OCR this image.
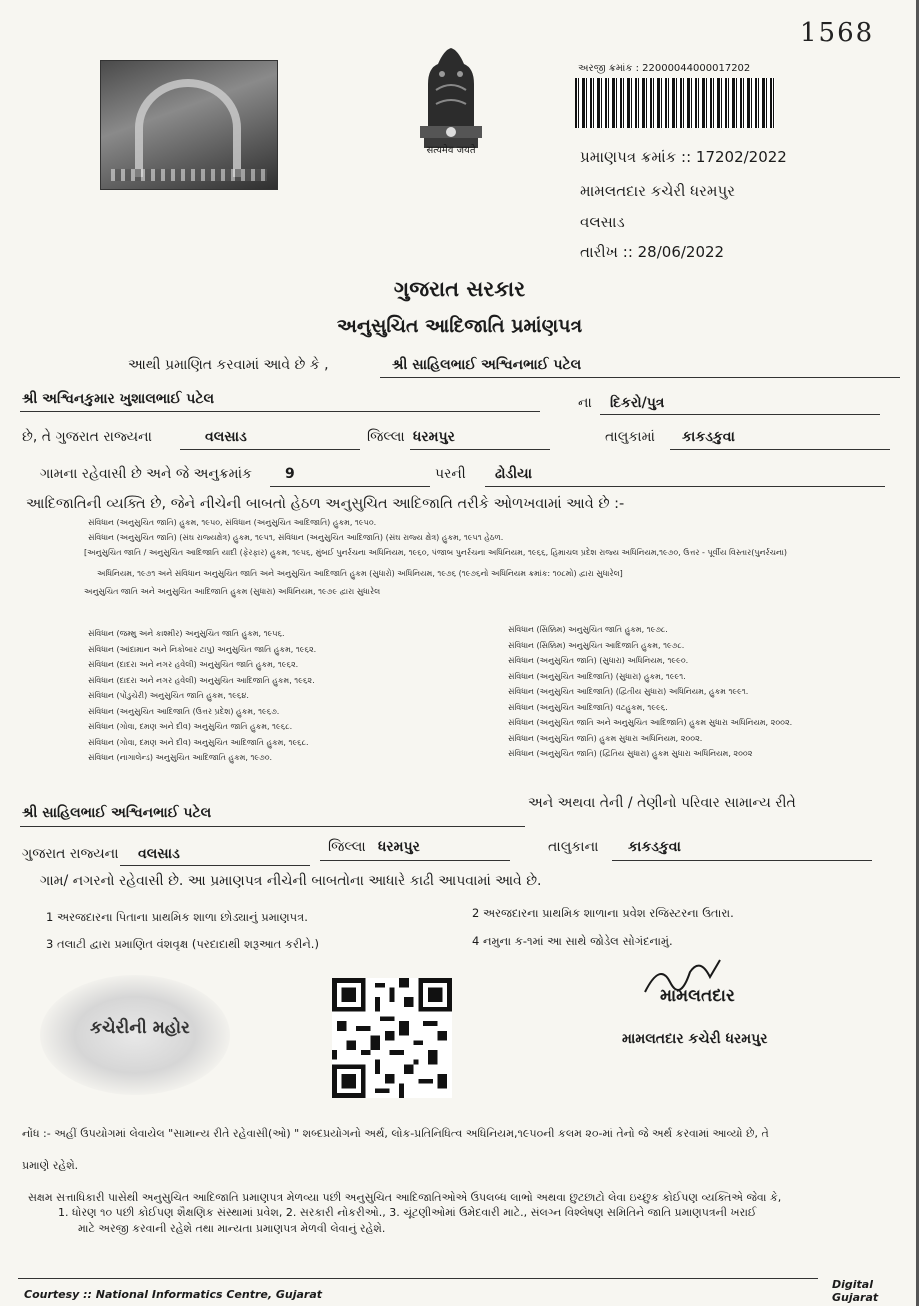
1568
सत्यमेव जयते
અરજી ક્રમાંક : 22000044000017202
પ્રમાણપત્ર ક્રમાંક :: 17202/2022
મામલતદાર કચેરી ધરમપુર
વલસાડ
તારીખ :: 28/06/2022
ગુજરાત સરકાર
અનુસુચિત આદિજાતિ પ્રમાંણપત્ર
આથી પ્રમાણિત કરવામાં આવે છે કે ,	શ્રી સાહિલભાઈ અશ્વિનભાઈ પટેલ
શ્રી અશ્વિનકુમાર ખુશાલભાઈ પટેલ	ના દિકરો/પુત્ર
છે, તે ગુજરાત રાજ્યના	વલસાડ	જિલ્લા ધરમપુર	તાલુકામાં કાકડકુવા
ગામના રહેવાસી છે અને જે અનુક્રમાંક 9	પરની ઢોડીયા
આદિજાતિની વ્યક્તિ છે, જેને નીચેની બાબતો હેઠળ અનુસુચિત આદિજાતિ તરીકે ઓળખવામાં આવે છે :-
સંવિધાન (અનુસુચિત જાતિ) હુકમ, ૧૯૫૦, સંવિધાન (અનુસુચિત આદિજાતિ) હુકમ, ૧૯૫૦.
સંવિધાન (અનુસુચિત જાતિ) (સંઘ રાજ્યક્ષેત્ર) હુકમ, ૧૯૫૧, સંવિધાન (અનુસુચિત આદિજાતિ) (સંઘ રાજ્ય ક્ષેત્ર) હુકમ, ૧૯૫૧ હેઠળ.
[અનુસુચિત જાતિ / અનુસુચિત આદિજાતિ યાદી (ફેરફાર) હુકમ, ૧૯૫૬, મુંબઈ પુનર્રચના અધિનિયમ, ૧૯૬૦, પંજાબ પુનર્રચના અધિનિયમ, ૧૯૬૬, હિમાચલ પ્રદેશ રાજ્ય અધિનિયમ,૧૯૭૦, ઉત્તર - પૂર્વીય વિસ્તાર(પુનર્રચના)
અધિનિયમ, ૧૯૭૧ અને સંવિધાન અનુસુચિત જાતિ અને અનુસુચિત આદિજાતિ હુકમ (સુધારો) અધિનિયમ, ૧૯૭૬ (૧૯૭૬નો અધિનિયમ ક્રમાંક: ૧૦૮મો) દ્વારા સુધારેલ]
અનુસુચિત જાતિ અને અનુસુચિત આદિજાતિ હુકમ (સુધારા) અધિનિયમ, ૧૯૭૯ દ્વારા સુધારેલ
સંવિધાન (જમ્મુ અને કાશ્મીર) અનુસુચિત જાતિ હુકમ, ૧૯૫૬.
સંવિધાન (આંદામાન અને નિકોબાર ટાપુ) અનુસુચિત જાતિ હુકમ, ૧૯૬૨.
સંવિધાન (દાદરા અને નગર હવેલી) અનુસુચિત જાતિ હુકમ, ૧૯૬૨.
સંવિધાન (દાદરા અને નગર હવેલી) અનુસુચિત આદિજાતિ હુકમ, ૧૯૬૨.
સંવિધાન (પોંડુચેરી) અનુસુચિત જાતિ હુકમ, ૧૯૬૪.
સંવિધાન (અનુસુચિત આદિજાતિ (ઉત્તર પ્રદેશ) હુકમ, ૧૯૬૭.
સંવિધાન (ગોવા, દમણ અને દીવ) અનુસુચિત જાતિ હુકમ, ૧૯૬૮.
સંવિધાન (ગોવા, દમણ અને દીવ) અનુસુચિત આદિજાતિ હુકમ, ૧૯૬૮.
સંવિધાન (નાગાલેન્ડ) અનુસુચિત આદિજાતિ હુકમ, ૧૯૭૦.
સંવિધાન (સિક્કિમ) અનુસુચિત જાતિ હુકમ, ૧૯૭૮.
સંવિધાન (સિક્કિમ) અનુસુચિત આદિજાતિ હુકમ, ૧૯૭૮.
સંવિધાન (અનુસુચિત જાતિ) (સુધારા) અધિનિયમ, ૧૯૯૦.
સંવિધાન (અનુસુચિત આદિજાતિ) (સુધારા) હુકમ, ૧૯૯૧.
સંવિધાન (અનુસુચિત આદિજાતિ) (દ્વિતીય સુધારા) અધિનિયમ, હુકમ ૧૯૯૧.
સંવિધાન (અનુસુચિત આદિજાતિ) વટહુકમ, ૧૯૯૬.
સંવિધાન (અનુસુચિત જાતિ અને અનુસુચિત આદિજાતિ) હુકમ સુધારા અધિનિયમ, ૨૦૦૨.
સંવિધાન (અનુસુચિત જાતિ) હુકમ સુધારા અધિનિયમ, ૨૦૦૨.
સંવિધાન (અનુસુચિત જાતિ) (દ્વિતિય સુધારા) હુકમ સુધારા અધિનિયમ, ૨૦૦૨
શ્રી સાહિલભાઈ અશ્વિનભાઈ પટેલ
અને અથવા તેની / તેણીનો પરિવાર સામાન્ય રીતે
ગુજરાત રાજ્યના વલસાડ	જિલ્લા ધરમપુર	તાલુકાના કાકડકુવા
ગામ/ નગરનો રહેવાસી છે. આ પ્રમાણપત્ર નીચેની બાબતોના આધારે કાઢી આપવામાં આવે છે.
1 અરજદારના પિતાના પ્રાથમિક શાળા છોડ્યાનું પ્રમાણપત્ર.	2 અરજદારના પ્રાથમિક શાળાના પ્રવેશ રજિસ્ટરના ઉતારા.
3 તલાટી દ્વારા પ્રમાણિત વંશવૃક્ષ (પરદાદાથી શરૂઆત કરીને.)	4 નમુના ક-૧માં આ સાથે જોડેલ સોગંદનામું.
કચેરીની મહોર
મામલતદાર
મામલતદાર કચેરી ધરમપુર
નોંધ :- અહીં ઉપયોગમાં લેવાયેલ "સામાન્ય રીતે રહેવાસી(ઓ) " શબ્દપ્રયોગનો અર્થ, લોક-પ્રતિનિધિત્વ અધિનિયમ,૧૯૫૦ની કલમ ૨૦-માં તેનો જે અર્થ કરવામાં આવ્યો છે, તે
પ્રમાણે રહેશે.
સક્ષમ સત્તાધિકારી પાસેથી અનુસુચિત આદિજાતિ પ્રમાણપત્ર મેળવ્યા પછી અનુસુચિત આદિજાતિઓએ ઉપલબ્ધ લાભો અથવા છુટછાટો લેવા ઇચ્છુક કોઈપણ વ્યક્તિએ જેવા કે,
1. ધોરણ ૧૦ પછી કોઈપણ શૈક્ષણિક સંસ્થામાં પ્રવેશ, 2. સરકારી નોકરીઓ., 3. ચૂંટણીઓમાં ઉમેદવારી માટે., સંલગ્ન વિશ્લેષણ સમિતિને જાતિ પ્રમાણપત્રની ખરાઈ
માટે અરજી કરવાની રહેશે તથા માન્યતા પ્રમાણપત્ર મેળવી લેવાનું રહેશે.
Courtesy :: National Informatics Centre, Gujarat
Digital Gujarat
